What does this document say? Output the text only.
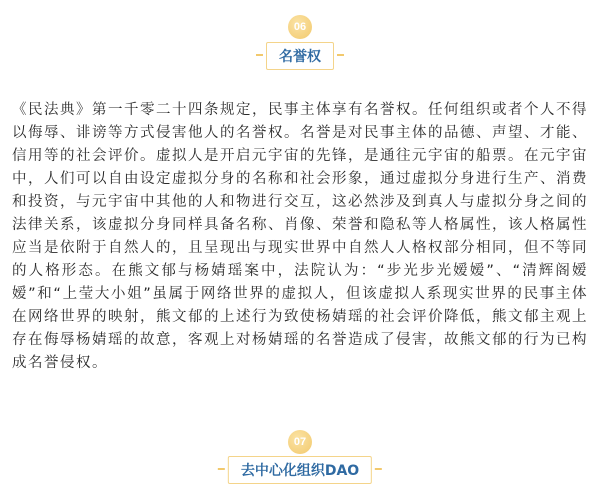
06
名誉权
《民法典》第一千零二十四条规定，民事主体享有名誉权。任何组织或者个人不得以侮辱、诽谤等方式侵害他人的名誉权。名誉是对民事主体的品德、声望、才能、信用等的社会评价。虚拟人是开启元宇宙的先锋，是通往元宇宙的船票。在元宇宙中，人们可以自由设定虚拟分身的名称和社会形象，通过虚拟分身进行生产、消费和投资，与元宇宙中其他的人和物进行交互，这必然涉及到真人与虚拟分身之间的法律关系，该虚拟分身同样具备名称、肖像、荣誉和隐私等人格属性，该人格属性应当是依附于自然人的，且呈现出与现实世界中自然人人格权部分相同，但不等同的人格形态。在熊文郁与杨婧瑶案中，法院认为：“步光步光嫒嫒”、“清辉阁嫒嫒”和“上莹大小姐”虽属于网络世界的虚拟人，但该虚拟人系现实世界的民事主体在网络世界的映射，熊文郁的上述行为致使杨婧瑶的社会评价降低，熊文郁主观上存在侮辱杨婧瑶的故意，客观上对杨婧瑶的名誉造成了侵害，故熊文郁的行为已构成名誉侵权。
07
去中心化组织DAO
